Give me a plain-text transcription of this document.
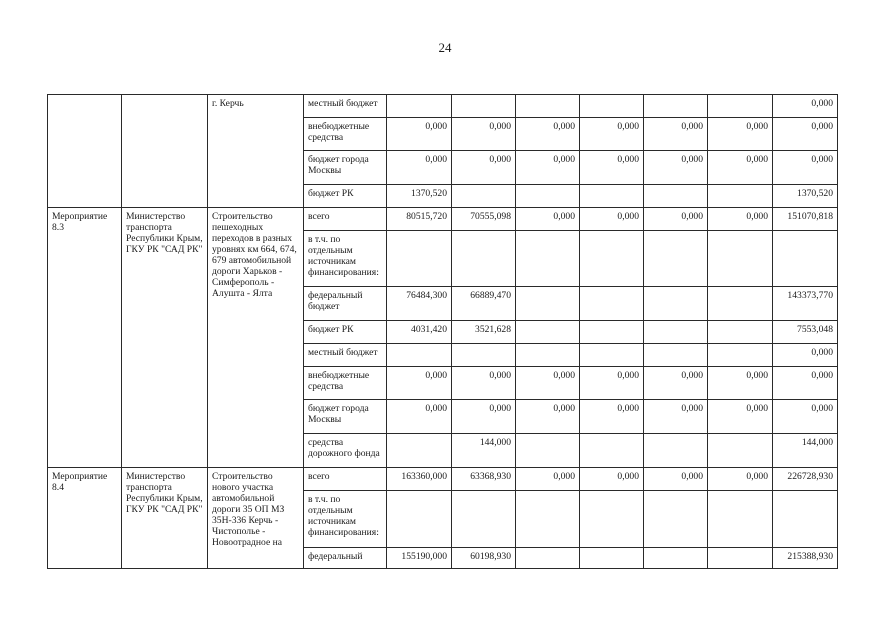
24
		г. Керчь	местный бюджет							0,000
			внебюджетные средства	0,000	0,000	0,000	0,000	0,000	0,000	0,000
			бюджет города Москвы	0,000	0,000	0,000	0,000	0,000	0,000	0,000
			бюджет РК	1370,520						1370,520
Мероприятие 8.3	Министерство транспорта Республики Крым, ГКУ РК "САД РК"	Строительство пешеходных переходов в разных уровнях км 664, 674, 679 автомобильной дороги Харьков - Симферополь - Алушта - Ялта	всего	80515,720	70555,098	0,000	0,000	0,000	0,000	151070,818
			в т.ч. по отдельным источникам финансирования:							
			федеральный бюджет	76484,300	66889,470					143373,770
			бюджет РК	4031,420	3521,628					7553,048
			местный бюджет							0,000
			внебюджетные средства	0,000	0,000	0,000	0,000	0,000	0,000	0,000
			бюджет города Москвы	0,000	0,000	0,000	0,000	0,000	0,000	0,000
			средства дорожного фонда		144,000					144,000
Мероприятие 8.4	Министерство транспорта Республики Крым, ГКУ РК "САД РК"	Строительство нового участка автомобильной дороги 35 ОП МЗ 35Н-336 Керчь - Чистополье - Новоотрадное на	всего	163360,000	63368,930	0,000	0,000	0,000	0,000	226728,930
			в т.ч. по отдельным источникам финансирования:							
			федеральный	155190,000	60198,930					215388,930
